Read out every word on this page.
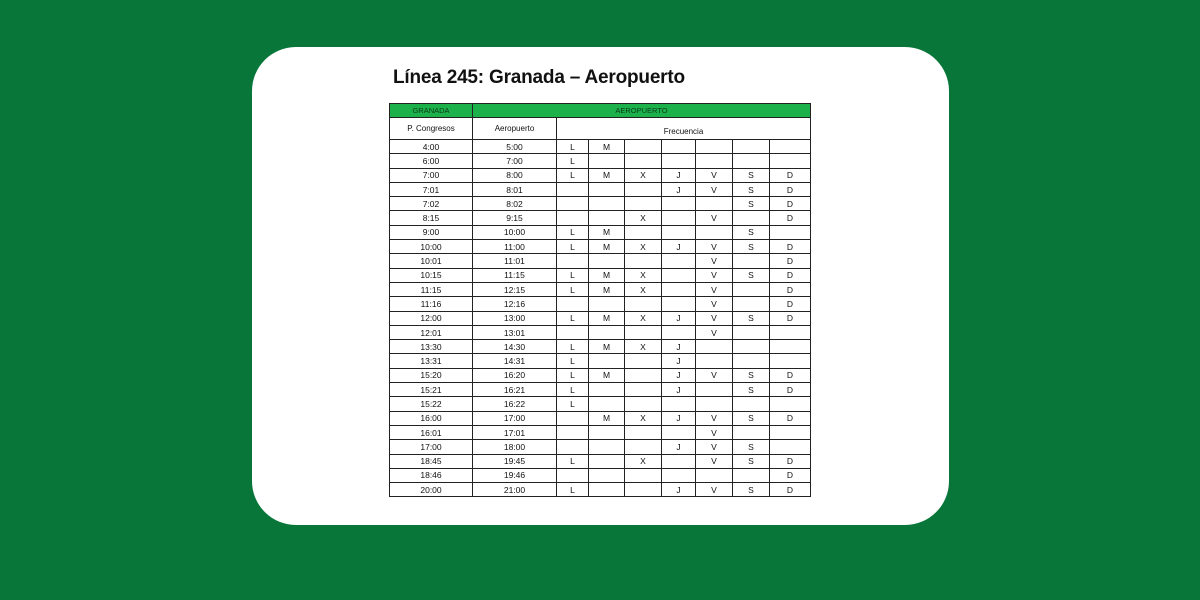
Línea 245: Granada – Aeropuerto
GRANADA	AEROPUERTO							
P. Congresos	Aeropuerto	Frecuencia						
4:00	5:00	L	M					
6:00	7:00	L						
7:00	8:00	L	M	X	J	V	S	D
7:01	8:01				J	V	S	D
7:02	8:02						S	D
8:15	9:15			X		V		D
9:00	10:00	L	M				S	
10:00	11:00	L	M	X	J	V	S	D
10:01	11:01					V		D
10:15	11:15	L	M	X		V	S	D
11:15	12:15	L	M	X		V		D
11:16	12:16					V		D
12:00	13:00	L	M	X	J	V	S	D
12:01	13:01					V		
13:30	14:30	L	M	X	J			
13:31	14:31	L			J			
15:20	16:20	L	M		J	V	S	D
15:21	16:21	L			J		S	D
15:22	16:22	L						
16:00	17:00		M	X	J	V	S	D
16:01	17:01					V		
17:00	18:00				J	V	S	
18:45	19:45	L		X		V	S	D
18:46	19:46							D
20:00	21:00	L			J	V	S	D
